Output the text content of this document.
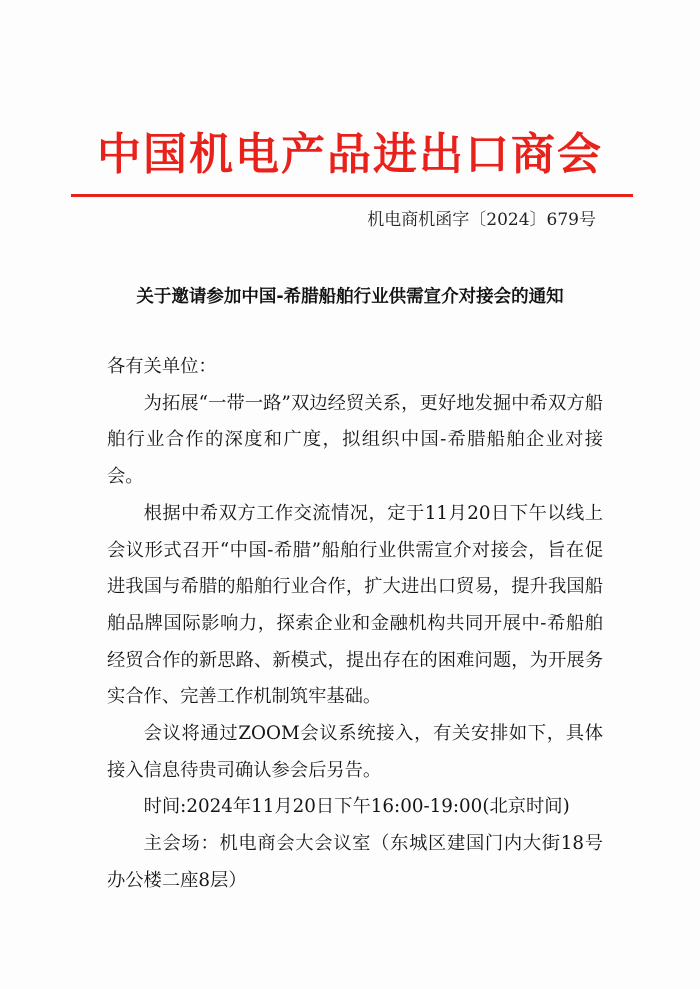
中国机电产品进出口商会
机电商机函字〔2024〕679号
关于邀请参加中国-希腊船舶行业供需宣介对接会的通知

各有关单位：

为拓展“一带一路”双边经贸关系，更好地发掘中希双方船舶行业合作的深度和广度，拟组织中国-希腊船舶企业对接会。

根据中希双方工作交流情况，定于11月20日下午以线上会议形式召开“中国-希腊”船舶行业供需宣介对接会，旨在促进我国与希腊的船舶行业合作，扩大进出口贸易，提升我国船舶品牌国际影响力，探索企业和金融机构共同开展中-希船舶经贸合作的新思路、新模式，提出存在的困难问题，为开展务实合作、完善工作机制筑牢基础。

会议将通过ZOOM会议系统接入，有关安排如下，具体接入信息待贵司确认参会后另告。

时间:2024年11月20日下午16:00-19:00(北京时间)

主会场：机电商会大会议室（东城区建国门内大街18号办公楼二座8层）
